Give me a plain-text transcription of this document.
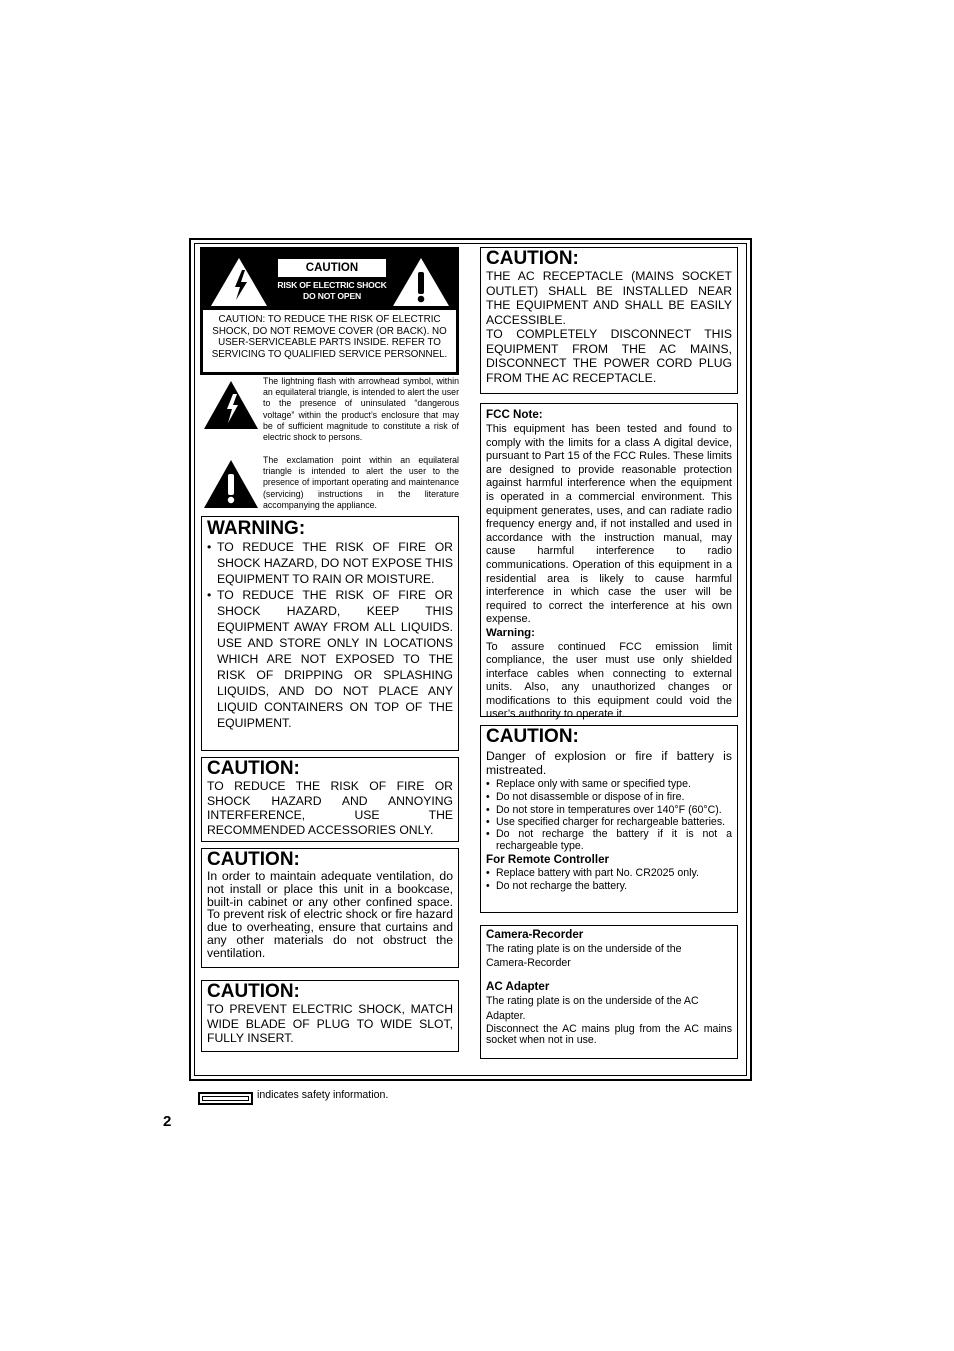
CAUTION
RISK OF ELECTRIC SHOCK
DO NOT OPEN
CAUTION: TO REDUCE THE RISK OF ELECTRIC SHOCK, DO NOT REMOVE COVER (OR BACK). NO USER-SERVICEABLE PARTS INSIDE. REFER TO SERVICING TO QUALIFIED SERVICE PERSONNEL.
The lightning flash with arrowhead symbol, within an equilateral triangle, is intended to alert the user to the presence of uninsulated “dangerous voltage” within the product’s enclosure that may be of sufficient magnitude to constitute a risk of electric shock to persons.
The exclamation point within an equilateral triangle is intended to alert the user to the presence of important operating and maintenance (servicing) instructions in the literature accompanying the appliance.
WARNING:
• TO REDUCE THE RISK OF FIRE OR SHOCK HAZARD, DO NOT EXPOSE THIS EQUIPMENT TO RAIN OR MOISTURE.
• TO REDUCE THE RISK OF FIRE OR SHOCK HAZARD, KEEP THIS EQUIPMENT AWAY FROM ALL LIQUIDS. USE AND STORE ONLY IN LOCATIONS WHICH ARE NOT EXPOSED TO THE RISK OF DRIPPING OR SPLASHING LIQUIDS, AND DO NOT PLACE ANY LIQUID CONTAINERS ON TOP OF THE EQUIPMENT.
CAUTION:
TO REDUCE THE RISK OF FIRE OR SHOCK HAZARD AND ANNOYING INTERFERENCE, USE THE RECOMMENDED ACCESSORIES ONLY.
CAUTION:
In order to maintain adequate ventilation, do not install or place this unit in a bookcase, built-in cabinet or any other confined space. To prevent risk of electric shock or fire hazard due to overheating, ensure that curtains and any other materials do not obstruct the ventilation.
CAUTION:
TO PREVENT ELECTRIC SHOCK, MATCH WIDE BLADE OF PLUG TO WIDE SLOT, FULLY INSERT.
CAUTION:
THE AC RECEPTACLE (MAINS SOCKET OUTLET) SHALL BE INSTALLED NEAR THE EQUIPMENT AND SHALL BE EASILY ACCESSIBLE.
TO COMPLETELY DISCONNECT THIS EQUIPMENT FROM THE AC MAINS, DISCONNECT THE POWER CORD PLUG FROM THE AC RECEPTACLE.
FCC Note:
This equipment has been tested and found to comply with the limits for a class A digital device, pursuant to Part 15 of the FCC Rules. These limits are designed to provide reasonable protection against harmful interference when the equipment is operated in a commercial environment. This equipment generates, uses, and can radiate radio frequency energy and, if not installed and used in accordance with the instruction manual, may cause harmful interference to radio communications. Operation of this equipment in a residential area is likely to cause harmful interference in which case the user will be required to correct the interference at his own expense.
Warning:
To assure continued FCC emission limit compliance, the user must use only shielded interface cables when connecting to external units. Also, any unauthorized changes or modifications to this equipment could void the user’s authority to operate it.
CAUTION:
Danger of explosion or fire if battery is mistreated.
• Replace only with same or specified type.
• Do not disassemble or dispose of in fire.
• Do not store in temperatures over 140°F (60°C).
• Use specified charger for rechargeable batteries.
• Do not recharge the battery if it is not a rechargeable type.
For Remote Controller
• Replace battery with part No. CR2025 only.
• Do not recharge the battery.
Camera-Recorder
The rating plate is on the underside of the
Camera-Recorder
AC Adapter
The rating plate is on the underside of the AC
Adapter.
Disconnect the AC mains plug from the AC mains socket when not in use.
indicates safety information.
2
